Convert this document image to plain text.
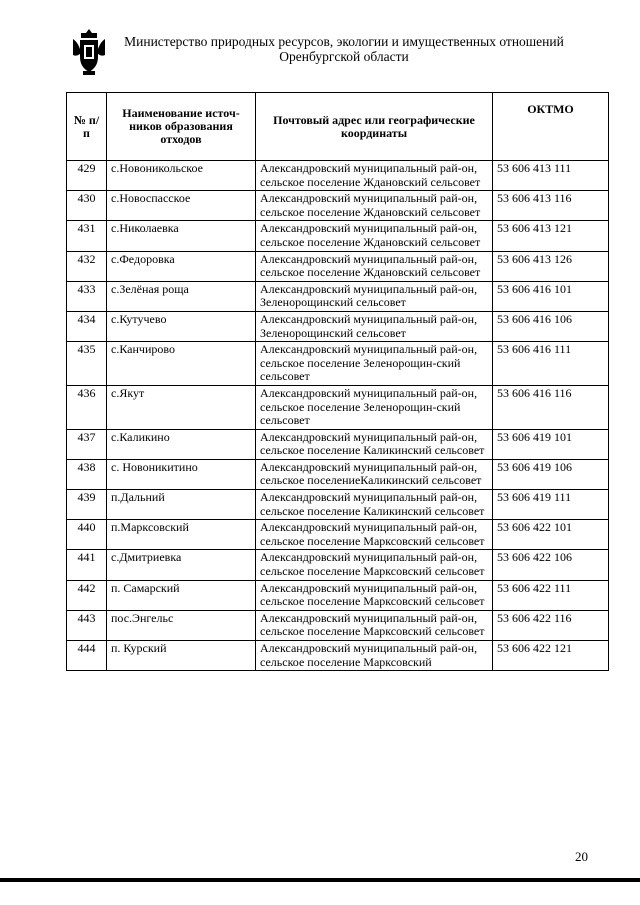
Министерство природных ресурсов, экологии и имущественных отношений
Оренбургской области
№ п/п	Наименование источ-ников образования отходов	Почтовый адрес или географические координаты	ОКТМО
429	с.Новоникольское	Александровский муниципальный рай-он, сельское поселение Ждановский сельсовет	53 606 413 111
430	с.Новоспасское	Александровский муниципальный рай-он, сельское поселение Ждановский сельсовет	53 606 413 116
431	с.Николаевка	Александровский муниципальный рай-он, сельское поселение Ждановский сельсовет	53 606 413 121
432	с.Федоровка	Александровский муниципальный рай-он, сельское поселение Ждановский сельсовет	53 606 413 126
433	с.Зелёная роща	Александровский муниципальный рай-он, Зеленорощинский сельсовет	53 606 416 101
434	с.Кутучево	Александровский муниципальный рай-он, Зеленорощинский сельсовет	53 606 416 106
435	с.Канчирово	Александровский муниципальный рай-он, сельское поселение Зеленорощин-ский сельсовет	53 606 416 111
436	с.Якут	Александровский муниципальный рай-он, сельское поселение Зеленорощин-ский сельсовет	53 606 416 116
437	с.Каликино	Александровский муниципальный рай-он, сельское поселение Каликинский сельсовет	53 606 419 101
438	с. Новоникитино	Александровский муниципальный рай-он, сельское поселениеКаликинский сельсовет	53 606 419 106
439	п.Дальний	Александровский муниципальный рай-он, сельское поселение Каликинский сельсовет	53 606 419 111
440	п.Марксовский	Александровский муниципальный рай-он, сельское поселение Марксовский сельсовет	53 606 422 101
441	с.Дмитриевка	Александровский муниципальный рай-он, сельское поселение Марксовский сельсовет	53 606 422 106
442	п. Самарский	Александровский муниципальный рай-он, сельское поселение Марксовский сельсовет	53 606 422 111
443	пос.Энгельс	Александровский муниципальный рай-он, сельское поселение Марксовский сельсовет	53 606 422 116
444	п. Курский	Александровский муниципальный рай-он, сельское поселение Марксовский	53 606 422 121
20
